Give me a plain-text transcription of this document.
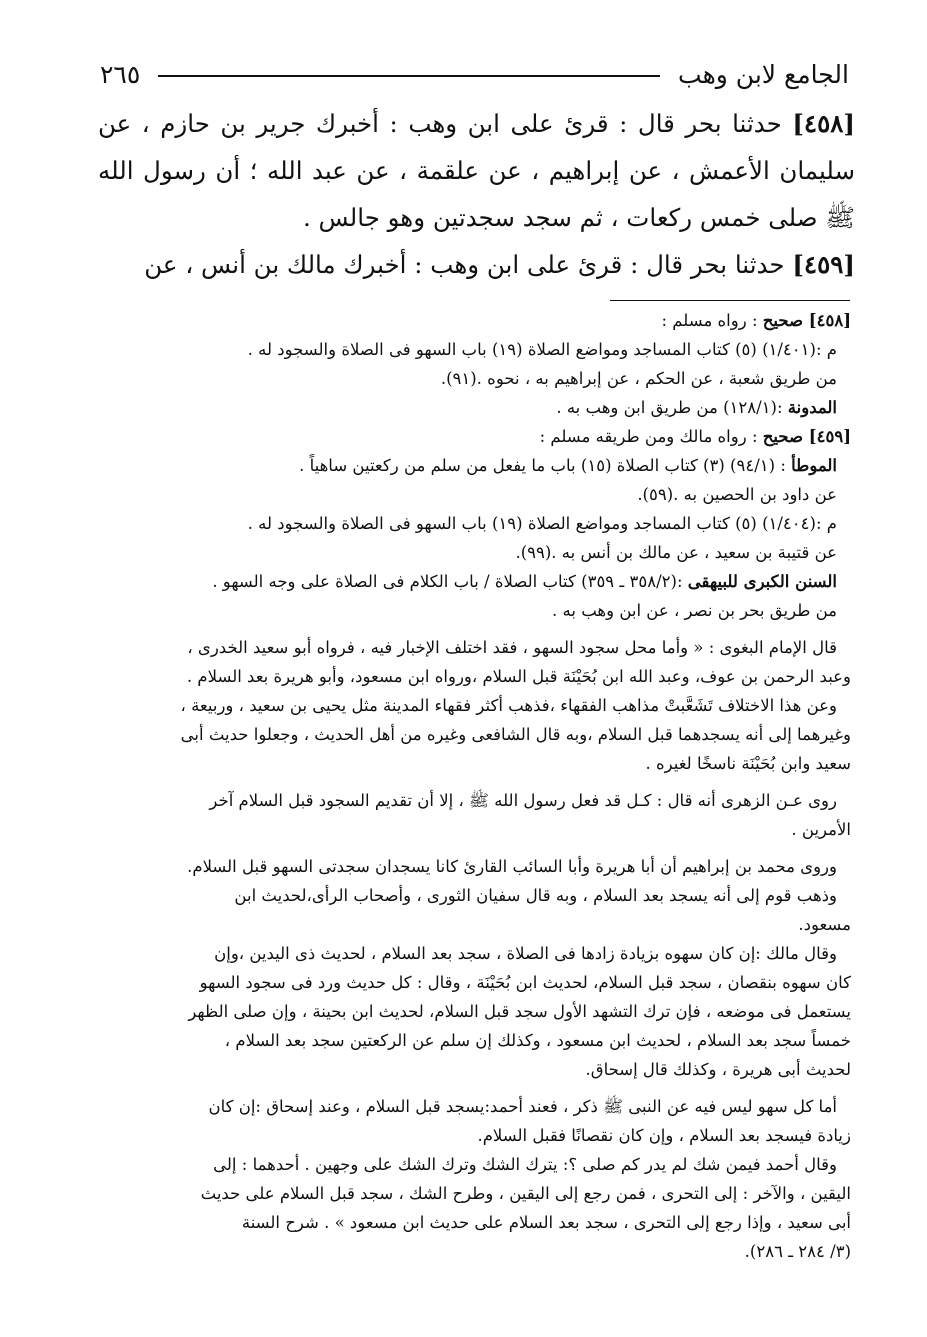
الجامع لابن وهب
٢٦٥

[٤٥٨] حدثنا بحر قال : قرئ على ابن وهب : أخبرك جرير بن حازم ، عن سليمان الأعمش ، عن إبراهيم ، عن علقمة ، عن عبد الله ؛ أن رسول الله ﷺ صلى خمس ركعات ، ثم سجد سجدتين وهو جالس .

[٤٥٩] حدثنا بحر قال : قرئ على ابن وهب : أخبرك مالك بن أنس ، عن

[٤٥٨] صحيح : رواه مسلم :

م :(١/٤٠١) (٥) كتاب المساجد ومواضع الصلاة (١٩) باب السهو فى الصلاة والسجود له .

من طريق شعبة ، عن الحكم ، عن إبراهيم به ، نحوه .(٩١).

المدونة :(١٢٨/١) من طريق ابن وهب به .

[٤٥٩] صحيح : رواه مالك ومن طريقه مسلم :

الموطأ : (٩٤/١) (٣) كتاب الصلاة (١٥) باب ما يفعل من سلم من ركعتين ساهياً .

عن داود بن الحصين به .(٥٩).

م :(١/٤٠٤) (٥) كتاب المساجد ومواضع الصلاة (١٩) باب السهو فى الصلاة والسجود له .

عن قتيبة بن سعيد ، عن مالك بن أنس به .(٩٩).

السنن الكبرى للبيهقى :(٣٥٨/٢ ـ ٣٥٩) كتاب الصلاة / باب الكلام فى الصلاة على وجه السهو .

من طريق بحر بن نصر ، عن ابن وهب به .

قال الإمام البغوى : « وأما محل سجود السهو ، فقد اختلف الإخبار فيه ، فرواه أبو سعيد الخدرى ،

وعبد الرحمن بن عوف، وعبد الله ابن بُحَيْنَة قبل السلام ،ورواه ابن مسعود، وأبو هريرة بعد السلام .

وعن هذا الاختلاف تَشَعَّبتْ مذاهب الفقهاء ،فذهب أكثر فقهاء المدينة مثل يحيى بن سعيد ، وربيعة ،

وغيرهما إلى أنه يسجدهما قبل السلام ،وبه قال الشافعى وغيره من أهل الحديث ، وجعلوا حديث أبى

سعيد وابن بُحَيْنَة ناسخًا لغيره .

روى عـن الزهرى أنه قال : كـل قد فعل رسول الله ﷺ ، إلا أن تقديم السجود قبل السلام آخر

الأمرين .

وروى محمد بن إبراهيم أن أبا هريرة وأبا السائب القارئ كانا يسجدان سجدتى السهو قبل السلام.

وذهب قوم إلى أنه يسجد بعد السلام ، وبه قال سفيان الثورى ، وأصحاب الرأى،لحديث ابن

مسعود.

وقال مالك :إن كان سهوه بزيادة زادها فى الصلاة ، سجد بعد السلام ، لحديث ذى اليدين ،وإن

كان سهوه بنقصان ، سجد قبل السلام، لحديث ابن بُحَيْنَة ، وقال : كل حديث ورد فى سجود السهو

يستعمل فى موضعه ، فإن ترك التشهد الأول سجد قبل السلام، لحديث ابن بحينة ، وإن صلى الظهر

خمساً سجد بعد السلام ، لحديث ابن مسعود ، وكذلك إن سلم عن الركعتين سجد بعد السلام ،

لحديث أبى هريرة ، وكذلك قال إسحاق.

أما كل سهو ليس فيه عن النبى ﷺ ذكر ، فعند أحمد:يسجد قبل السلام ، وعند إسحاق :إن كان

زيادة فيسجد بعد السلام ، وإن كان نقصانًا فقبل السلام.

وقال أحمد فيمن شك لم يدر كم صلى ؟: يترك الشك وترك الشك على وجهين . أحدهما : إلى

اليقين ، والآخر : إلى التحرى ، فمن رجع إلى اليقين ، وطرح الشك ، سجد قبل السلام على حديث

أبى سعيد ، وإذا رجع إلى التحرى ، سجد بعد السلام على حديث ابن مسعود » . شرح السنة

(٣/ ٢٨٤ ـ ٢٨٦).
